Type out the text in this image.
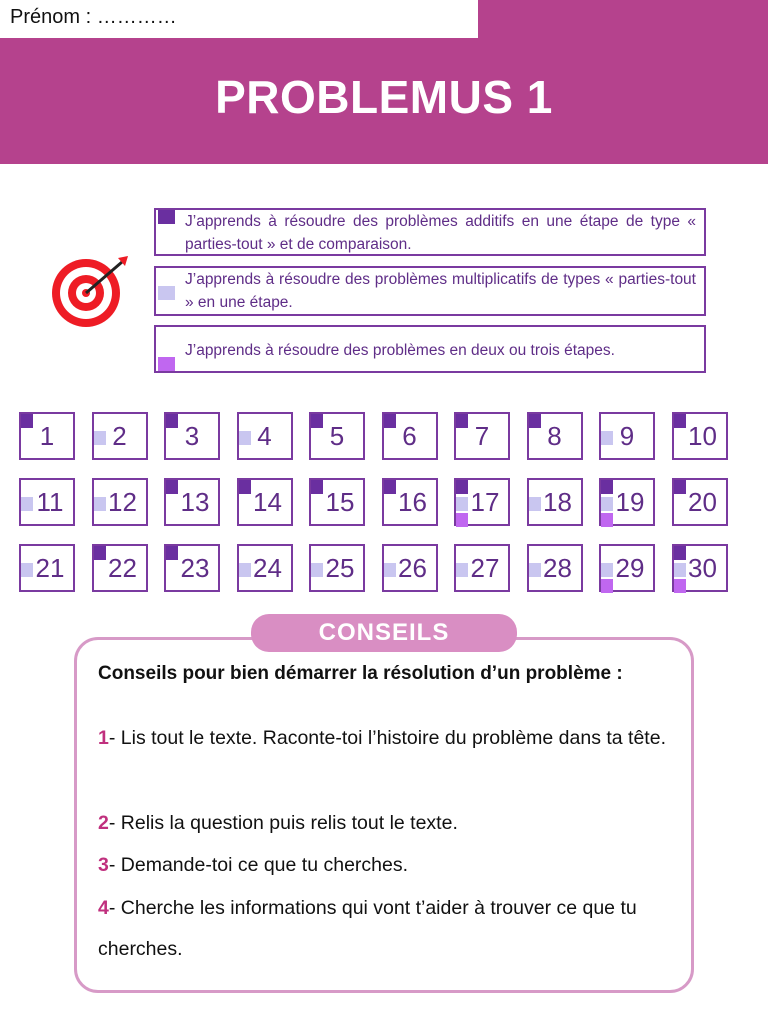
Prénom : …………
PROBLEMUS 1
J’apprends à résoudre des problèmes additifs en une étape de type « parties-tout » et de comparaison.
J’apprends à résoudre des problèmes multiplicatifs de types « parties-tout » en une étape.
J’apprends à résoudre des problèmes en deux ou trois étapes.
1	2	3	4	5	6	7	8	9	10
11	12	13	14	15	16	17	18	19	20
21	22	23	24	25	26	27	28	29	30
CONSEILS
Conseils pour bien démarrer la résolution d’un problème :
1- Lis tout le texte. Raconte-toi l’histoire du problème dans ta tête.
2- Relis la question puis relis tout le texte.
3- Demande-toi ce que tu cherches.
4- Cherche les informations qui vont t’aider à trouver ce que tu cherches.
